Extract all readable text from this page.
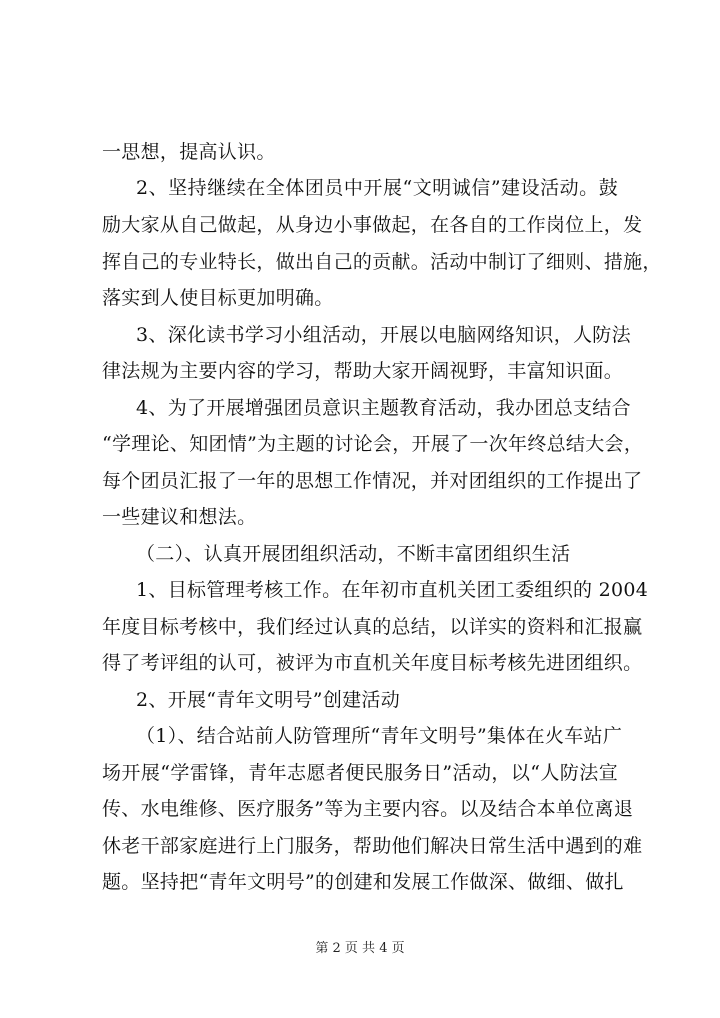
一思想，提高认识。
2、坚持继续在全体团员中开展“文明诚信”建设活动。鼓
励大家从自己做起，从身边小事做起，在各自的工作岗位上，发
挥自己的专业特长，做出自己的贡献。活动中制订了细则、措施，
落实到人使目标更加明确。
3、深化读书学习小组活动，开展以电脑网络知识，人防法
律法规为主要内容的学习，帮助大家开阔视野，丰富知识面。
4、为了开展增强团员意识主题教育活动，我办团总支结合
“学理论、知团情”为主题的讨论会，开展了一次年终总结大会，
每个团员汇报了一年的思想工作情况，并对团组织的工作提出了
一些建议和想法。
（二）、认真开展团组织活动，不断丰富团组织生活
1、目标管理考核工作。在年初市直机关团工委组织的 2004
年度目标考核中，我们经过认真的总结，以详实的资料和汇报赢
得了考评组的认可，被评为市直机关年度目标考核先进团组织。
2、开展“青年文明号”创建活动
（1）、结合站前人防管理所“青年文明号”集体在火车站广
场开展“学雷锋，青年志愿者便民服务日”活动，以“人防法宣
传、水电维修、医疗服务”等为主要内容。以及结合本单位离退
休老干部家庭进行上门服务，帮助他们解决日常生活中遇到的难
题。坚持把“青年文明号”的创建和发展工作做深、做细、做扎
第 2 页 共 4 页
